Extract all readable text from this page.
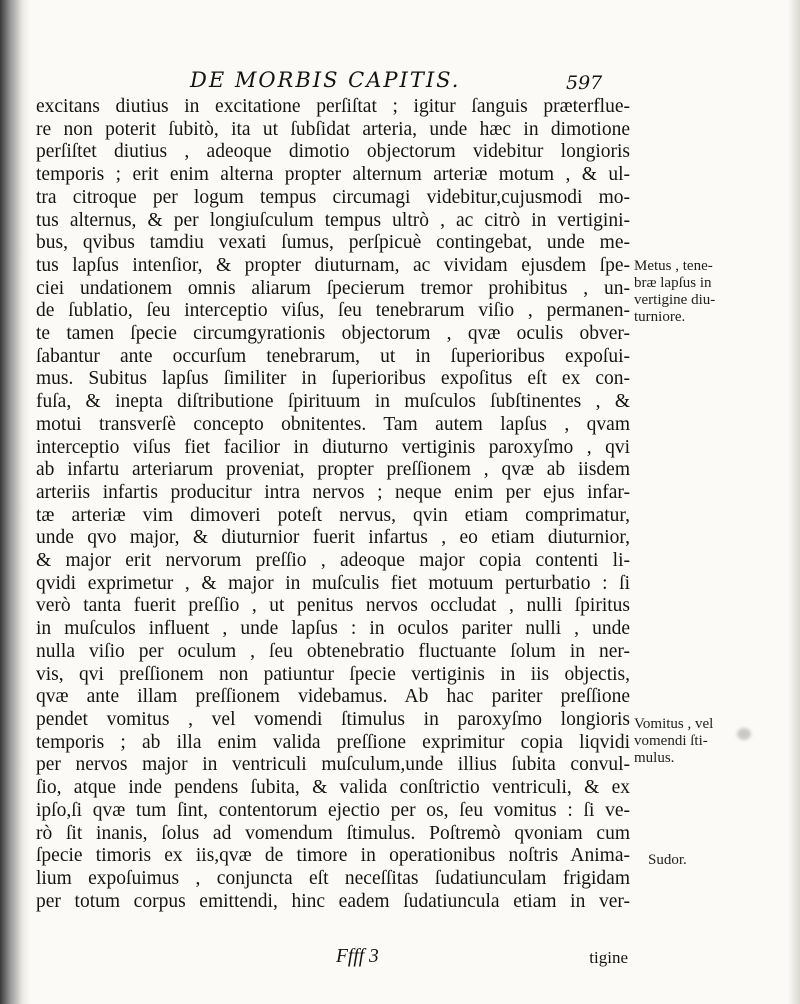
DE MORBIS CAPITIS.	597
excitans diutius in excitatione perſiſtat ; igitur ſanguis præterflue-
re non poterit ſubitò, ita ut ſubſidat arteria, unde hæc in dimotione
perſiſtet diutius , adeoque dimotio objectorum videbitur longioris
temporis ; erit enim alterna propter alternum arteriæ motum , & ul-
tra citroque per logum tempus circumagi videbitur,cujusmodi mo-
tus alternus, & per longiuſculum tempus ultrò , ac citrò in vertigini-
bus, qvibus tamdiu vexati ſumus, perſpicuè contingebat, unde me-
tus lapſus intenſior, & propter diuturnam, ac vividam ejusdem ſpe-
ciei undationem omnis aliarum ſpecierum tremor prohibitus , un-
de ſublatio, ſeu interceptio viſus, ſeu tenebrarum viſio , permanen-
te tamen ſpecie circumgyrationis objectorum , qvæ oculis obver-
ſabantur ante occurſum tenebrarum, ut in ſuperioribus expoſui-
mus. Subitus lapſus ſimiliter in ſuperioribus expoſitus eſt ex con-
fuſa, & inepta diſtributione ſpirituum in muſculos ſubſtinentes , &
motui transverſè concepto obnitentes. Tam autem lapſus , qvam
interceptio viſus fiet facilior in diuturno vertiginis paroxyſmo , qvi
ab infartu arteriarum proveniat, propter preſſionem , qvæ ab iisdem
arteriis infartis producitur intra nervos ; neque enim per ejus infar-
tæ arteriæ vim dimoveri poteſt nervus, qvin etiam comprimatur,
unde qvo major, & diuturnior fuerit infartus , eo etiam diuturnior,
& major erit nervorum preſſio , adeoque major copia contenti li-
qvidi exprimetur , & major in muſculis fiet motuum perturbatio : ſi
verò tanta fuerit preſſio , ut penitus nervos occludat , nulli ſpiritus
in muſculos influent , unde lapſus : in oculos pariter nulli , unde
nulla viſio per oculum , ſeu obtenebratio fluctuante ſolum in ner-
vis, qvi preſſionem non patiuntur ſpecie vertiginis in iis objectis,
qvæ ante illam preſſionem videbamus. Ab hac pariter preſſione
pendet vomitus , vel vomendi ſtimulus in paroxyſmo longioris
temporis ; ab illa enim valida preſſione exprimitur copia liqvidi
per nervos major in ventriculi muſculum,unde illius ſubita convul-
ſio, atque inde pendens ſubita, & valida conſtrictio ventriculi, & ex
ipſo,ſi qvæ tum ſint, contentorum ejectio per os, ſeu vomitus : ſi ve-
rò ſit inanis, ſolus ad vomendum ſtimulus. Poſtremò qvoniam cum
ſpecie timoris ex iis,qvæ de timore in operationibus noſtris Anima-
lium expoſuimus , conjuncta eſt neceſſitas ſudatiunculam frigidam
per totum corpus emittendi, hinc eadem ſudatiuncula etiam in ver-
Ffff 3	tigine
Metus , tene-
bræ lapſus in
vertigine diu-
turniore.
Vomitus , vel
vomendi ſti-
mulus.
Sudor.
